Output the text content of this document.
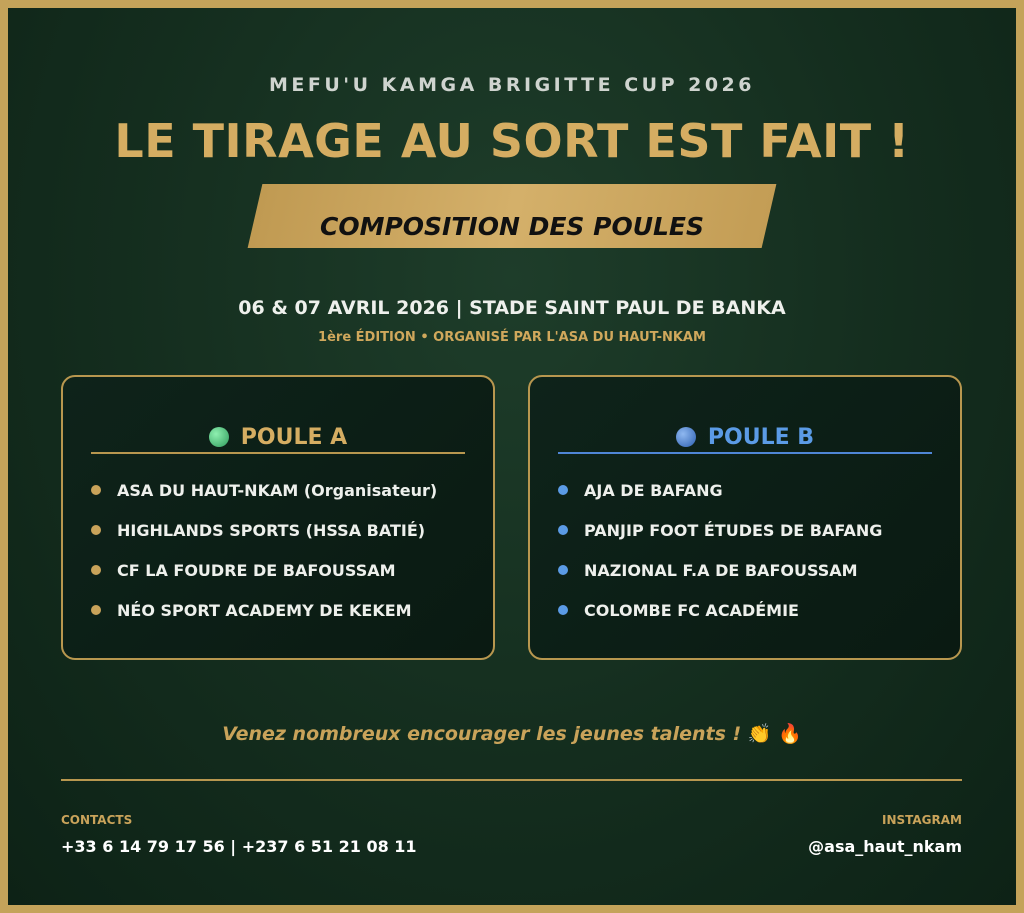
MEFU'U KAMGA BRIGITTE CUP 2026
LE TIRAGE AU SORT EST FAIT !
COMPOSITION DES POULES
06 & 07 AVRIL 2026 | STADE SAINT PAUL DE BANKA
1ère ÉDITION • ORGANISÉ PAR L'ASA DU HAUT-NKAM
POULE A
ASA DU HAUT-NKAM (Organisateur)
HIGHLANDS SPORTS (HSSA BATIÉ)
CF LA FOUDRE DE BAFOUSSAM
NÉO SPORT ACADEMY DE KEKEM
POULE B
AJA DE BAFANG
PANJIP FOOT ÉTUDES DE BAFANG
NAZIONAL F.A DE BAFOUSSAM
COLOMBE FC ACADÉMIE
Venez nombreux encourager les jeunes talents ! 👏 🔥
CONTACTS
+33 6 14 79 17 56 | +237 6 51 21 08 11
INSTAGRAM
@asa_haut_nkam
